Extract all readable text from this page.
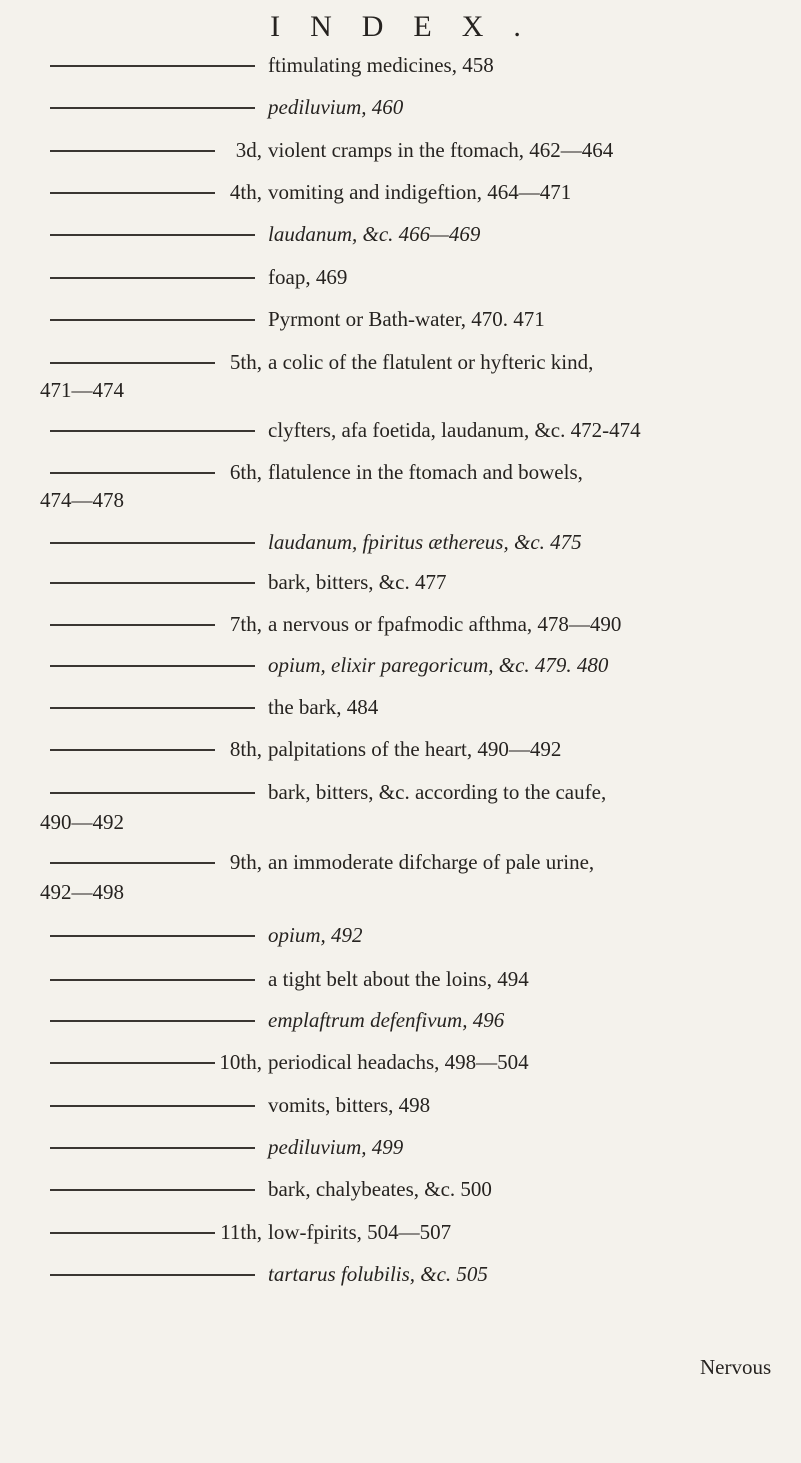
INDEX.
ftimulating medicines, 458
pediluvium, 460
3d, violent cramps in the ftomach, 462—464
4th, vomiting and indigeftion, 464—471
laudanum, &c. 466—469
foap, 469
Pyrmont or Bath-water, 470. 471
5th, a colic of the flatulent or hyfteric kind,
471—474
clyfters, afa foetida, laudanum, &c. 472-474
6th, flatulence in the ftomach and bowels,
474—478
laudanum, fpiritus æthereus, &c. 475
bark, bitters, &c. 477
7th, a nervous or fpafmodic afthma, 478—490
opium, elixir paregoricum, &c. 479. 480
the bark, 484
8th, palpitations of the heart, 490—492
bark, bitters, &c. according to the caufe,
490—492
9th, an immoderate difcharge of pale urine,
492—498
opium, 492
a tight belt about the loins, 494
emplaftrum defenfivum, 496
10th, periodical headachs, 498—504
vomits, bitters, 498
pediluvium, 499
bark, chalybeates, &c. 500
11th, low-fpirits, 504—507
tartarus folubilis, &c. 505
Nervous
